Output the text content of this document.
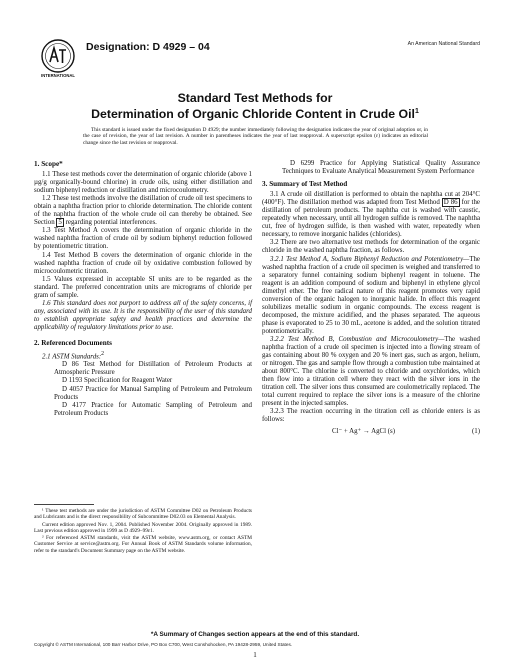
INTERNATIONAL
Designation: D 4929 – 04	An American National Standard
Standard Test Methods for
Determination of Organic Chloride Content in Crude Oil$^1$
This standard is issued under the fixed designation D 4929; the number immediately following the designation indicates the year of original adoption or, in the case of revision, the year of last revision. A number in parentheses indicates the year of last reapproval. A superscript epsilon (ε) indicates an editorial change since the last revision or reapproval.
1. Scope*

1.1 These test methods cover the determination of organic chloride (above 1 µg/g organically-bound chlorine) in crude oils, using either distillation and sodium biphenyl reduction or distillation and microcoulometry.

1.2 These test methods involve the distillation of crude oil test specimens to obtain a naphtha fraction prior to chloride determination. The chloride content of the naphtha fraction of the whole crude oil can thereby be obtained. See Section 5 regarding potential interferences.

1.3 Test Method A covers the determination of organic chloride in the washed naphtha fraction of crude oil by sodium biphenyl reduction followed by potentiometric titration.

1.4 Test Method B covers the determination of organic chloride in the washed naphtha fraction of crude oil by oxidative combustion followed by microcoulometric titration.

1.5 Values expressed in acceptable SI units are to be regarded as the standard. The preferred concentration units are micrograms of chloride per gram of sample.

1.6 This standard does not purport to address all of the safety concerns, if any, associated with its use. It is the responsibility of the user of this standard to establish appropriate safety and health practices and determine the applicability of regulatory limitations prior to use.

2. Referenced Documents

2.1 ASTM Standards:$^2$

D 86 Test Method for Distillation of Petroleum Products at Atmospheric Pressure

D 1193 Specification for Reagent Water

D 4057 Practice for Manual Sampling of Petroleum and Petroleum Products

D 4177 Practice for Automatic Sampling of Petroleum and Petroleum Products

¹ These test methods are under the jurisdiction of ASTM Committee D02 on Petroleum Products and Lubricants and is the direct responsibility of Subcommittee D02.03 on Elemental Analysis.

Current edition approved Nov. 1, 2004. Published November 2004. Originally approved in 1989. Last previous edition approved in 1999 as D 4929–99ε1.

² For referenced ASTM standards, visit the ASTM website, www.astm.org, or contact ASTM Customer Service at service@astm.org. For Annual Book of ASTM Standards volume information, refer to the standard's Document Summary page on the ASTM website.

D 6299 Practice for Applying Statistical Quality Assurance Techniques to Evaluate Analytical Measurement System Performance

3. Summary of Test Method

3.1 A crude oil distillation is performed to obtain the naphtha cut at 204°C (400°F). The distillation method was adapted from Test Method D 86 for the distillation of petroleum products. The naphtha cut is washed with caustic, repeatedly when necessary, until all hydrogen sulfide is removed. The naphtha cut, free of hydrogen sulfide, is then washed with water, repeatedly when necessary, to remove inorganic halides (chlorides).

3.2 There are two alternative test methods for determination of the organic chloride in the washed naphtha fraction, as follows.

3.2.1 Test Method A, Sodium Biphenyl Reduction and Potentiometry—The washed naphtha fraction of a crude oil specimen is weighed and transferred to a separatory funnel containing sodium biphenyl reagent in toluene. The reagent is an addition compound of sodium and biphenyl in ethylene glycol dimethyl ether. The free radical nature of this reagent promotes very rapid conversion of the organic halogen to inorganic halide. In effect this reagent solubilizes metallic sodium in organic compounds. The excess reagent is decomposed, the mixture acidified, and the phases separated. The aqueous phase is evaporated to 25 to 30 mL, acetone is added, and the solution titrated potentiometrically.

3.2.2 Test Method B, Combustion and Microcoulometry—The washed naphtha fraction of a crude oil specimen is injected into a flowing stream of gas containing about 80 % oxygen and 20 % inert gas, such as argon, helium, or nitrogen. The gas and sample flow through a combustion tube maintained at about 800°C. The chlorine is converted to chloride and oxychlorides, which then flow into a titration cell where they react with the silver ions in the titration cell. The silver ions thus consumed are coulometrically replaced. The total current required to replace the silver ions is a measure of the chlorine present in the injected samples.

3.2.3 The reaction occurring in the titration cell as chloride enters is as follows:

Cl⁻ + Ag⁺ → AgCl (s)	(1)
*A Summary of Changes section appears at the end of this standard.
Copyright © ASTM International, 100 Barr Harbor Drive, PO Box C700, West Conshohocken, PA 19428-2959, United States.
1
